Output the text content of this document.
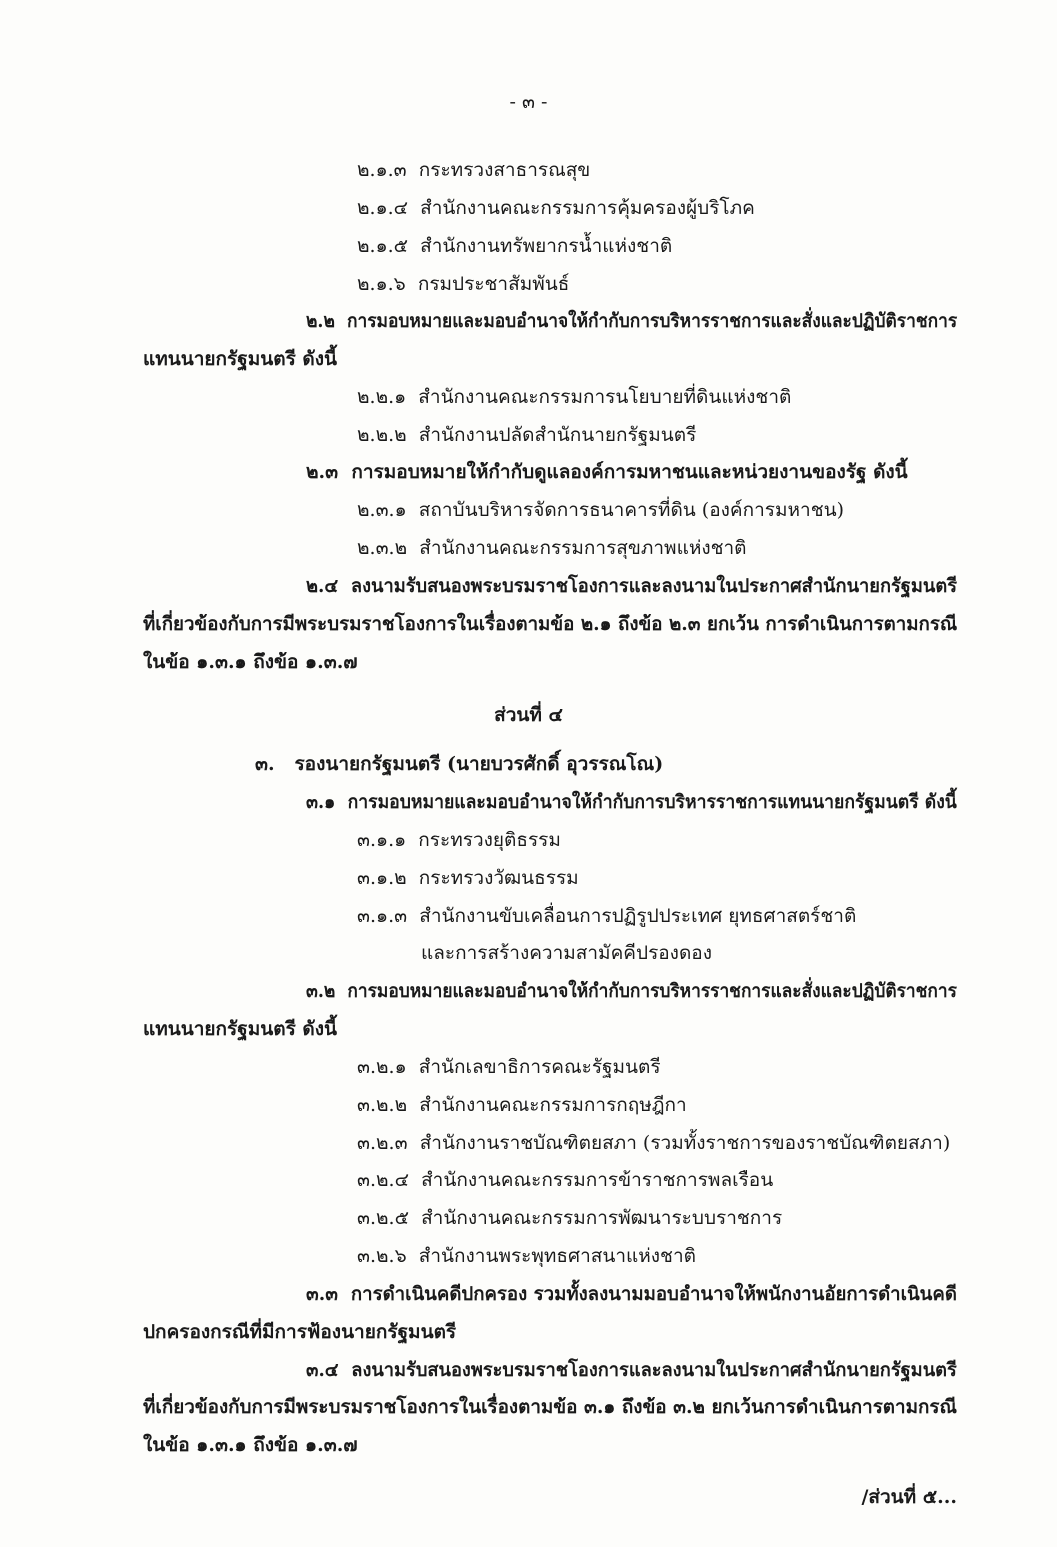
- ๓ -
๒.๑.๓ กระทรวงสาธารณสุข
๒.๑.๔ สำนักงานคณะกรรมการคุ้มครองผู้บริโภค
๒.๑.๕ สำนักงานทรัพยากรน้ำแห่งชาติ
๒.๑.๖ กรมประชาสัมพันธ์
๒.๒ การมอบหมายและมอบอำนาจให้กำกับการบริหารราชการและสั่งและปฏิบัติราชการ
แทนนายกรัฐมนตรี ดังนี้
๒.๒.๑ สำนักงานคณะกรรมการนโยบายที่ดินแห่งชาติ
๒.๒.๒ สำนักงานปลัดสำนักนายกรัฐมนตรี
๒.๓ การมอบหมายให้กำกับดูแลองค์การมหาชนและหน่วยงานของรัฐ ดังนี้
๒.๓.๑ สถาบันบริหารจัดการธนาคารที่ดิน (องค์การมหาชน)
๒.๓.๒ สำนักงานคณะกรรมการสุขภาพแห่งชาติ
๒.๔ ลงนามรับสนองพระบรมราชโองการและลงนามในประกาศสำนักนายกรัฐมนตรี
ที่เกี่ยวข้องกับการมีพระบรมราชโองการในเรื่องตามข้อ ๒.๑ ถึงข้อ ๒.๓ ยกเว้น การดำเนินการตามกรณี
ในข้อ ๑.๓.๑ ถึงข้อ ๑.๓.๗
ส่วนที่ ๔
๓. รองนายกรัฐมนตรี (นายบวรศักดิ์ อุวรรณโณ)
๓.๑ การมอบหมายและมอบอำนาจให้กำกับการบริหารราชการแทนนายกรัฐมนตรี ดังนี้
๓.๑.๑ กระทรวงยุติธรรม
๓.๑.๒ กระทรวงวัฒนธรรม
๓.๑.๓ สำนักงานขับเคลื่อนการปฏิรูปประเทศ ยุทธศาสตร์ชาติ
และการสร้างความสามัคคีปรองดอง
๓.๒ การมอบหมายและมอบอำนาจให้กำกับการบริหารราชการและสั่งและปฏิบัติราชการ
แทนนายกรัฐมนตรี ดังนี้
๓.๒.๑ สำนักเลขาธิการคณะรัฐมนตรี
๓.๒.๒ สำนักงานคณะกรรมการกฤษฎีกา
๓.๒.๓ สำนักงานราชบัณฑิตยสภา (รวมทั้งราชการของราชบัณฑิตยสภา)
๓.๒.๔ สำนักงานคณะกรรมการข้าราชการพลเรือน
๓.๒.๕ สำนักงานคณะกรรมการพัฒนาระบบราชการ
๓.๒.๖ สำนักงานพระพุทธศาสนาแห่งชาติ
๓.๓ การดำเนินคดีปกครอง รวมทั้งลงนามมอบอำนาจให้พนักงานอัยการดำเนินคดี
ปกครองกรณีที่มีการฟ้องนายกรัฐมนตรี
๓.๔ ลงนามรับสนองพระบรมราชโองการและลงนามในประกาศสำนักนายกรัฐมนตรี
ที่เกี่ยวข้องกับการมีพระบรมราชโองการในเรื่องตามข้อ ๓.๑ ถึงข้อ ๓.๒ ยกเว้นการดำเนินการตามกรณี
ในข้อ ๑.๓.๑ ถึงข้อ ๑.๓.๗
/ส่วนที่ ๕...
